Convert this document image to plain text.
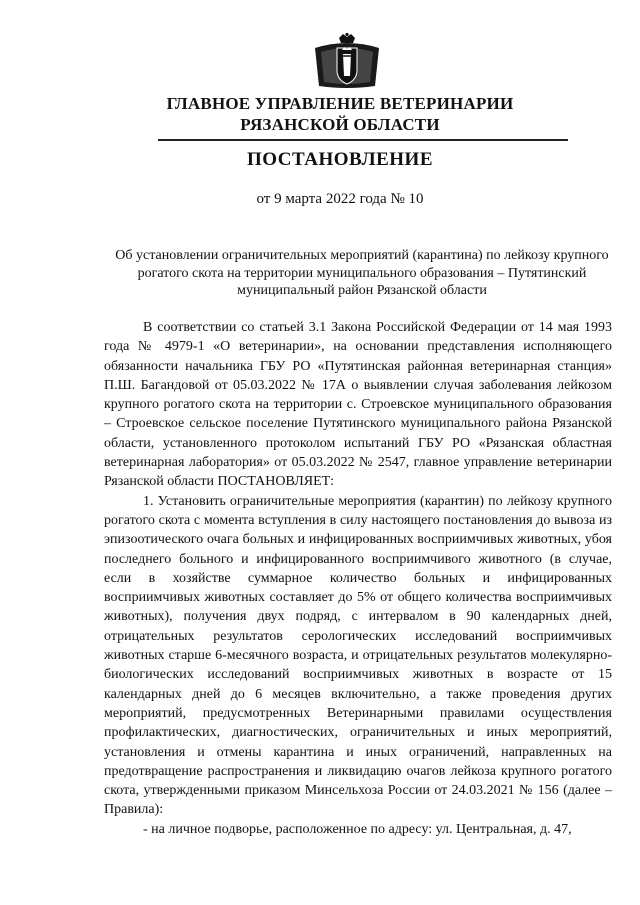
ГЛАВНОЕ УПРАВЛЕНИЕ ВЕТЕРИНАРИИ
РЯЗАНСКОЙ ОБЛАСТИ
ПОСТАНОВЛЕНИЕ
от 9 марта 2022 года № 10
Об установлении ограничительных мероприятий (карантина) по лейкозу крупного рогатого скота на территории муниципального образования – Путятинский муниципальный район Рязанской области

В соответствии со статьей 3.1 Закона Российской Федерации от 14 мая 1993 года № 4979-1 «О ветеринарии», на основании представления исполняющего обязанности начальника ГБУ РО «Путятинская районная ветеринарная станция» П.Ш. Багандовой от 05.03.2022 № 17А о выявлении случая заболевания лейкозом крупного рогатого скота на территории с. Строевское муниципального образования – Строевское сельское поселение Путятинского муниципального района Рязанской области, установленного протоколом испытаний ГБУ РО «Рязанская областная ветеринарная лаборатория» от 05.03.2022 № 2547, главное управление ветеринарии Рязанской области ПОСТАНОВЛЯЕТ:

1. Установить ограничительные мероприятия (карантин) по лейкозу крупного рогатого скота с момента вступления в силу настоящего постановления до вывоза из эпизоотического очага больных и инфицированных восприимчивых животных, убоя последнего больного и инфицированного восприимчивого животного (в случае, если в хозяйстве суммарное количество больных и инфицированных восприимчивых животных составляет до 5% от общего количества восприимчивых животных), получения двух подряд, с интервалом в 90 календарных дней, отрицательных результатов серологических исследований восприимчивых животных старше 6-месячного возраста, и отрицательных результатов молекулярно-биологических исследований восприимчивых животных в возрасте от 15 календарных дней до 6 месяцев включительно, а также проведения других мероприятий, предусмотренных Ветеринарными правилами осуществления профилактических, диагностических, ограничительных и иных мероприятий, установления и отмены карантина и иных ограничений, направленных на предотвращение распространения и ликвидацию очагов лейкоза крупного рогатого скота, утвержденными приказом Минсельхоза России от 24.03.2021 № 156 (далее – Правила):

- на личное подворье, расположенное по адресу: ул. Центральная, д. 47,
